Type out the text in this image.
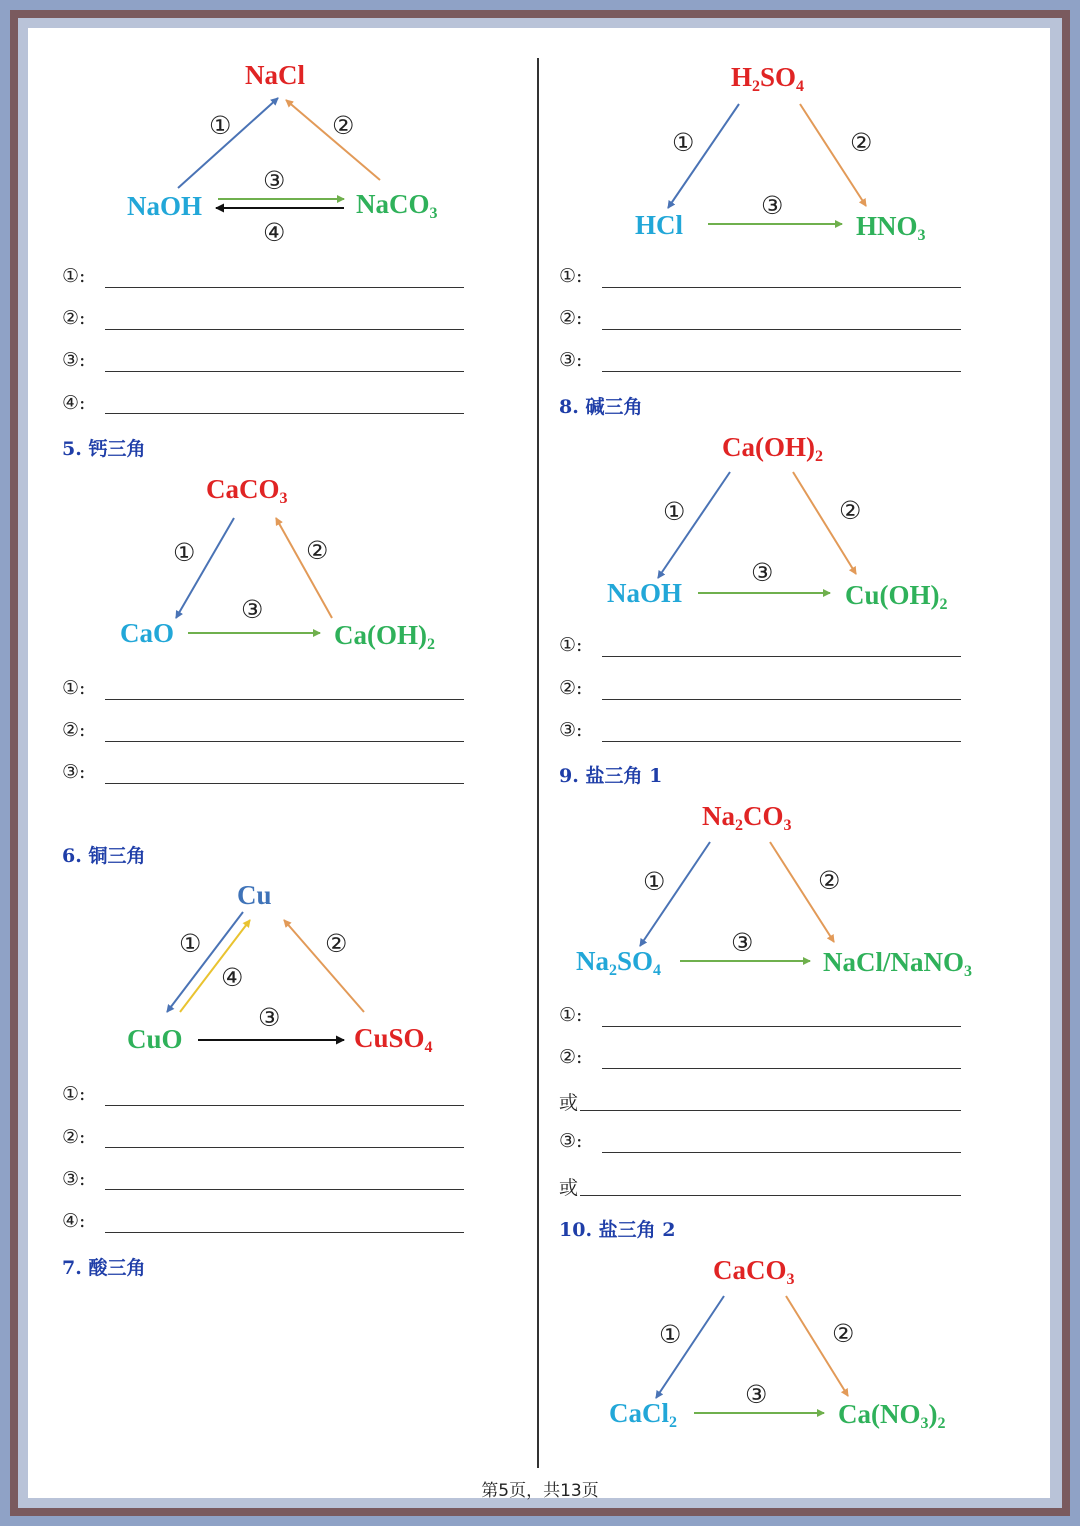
NaCl
NaOH	NaCO$_3$
①	②
③
④
①:
②:
③:
④:
5. 钙三角
CaCO$_3$
CaO	$Ca(OH)_2$
①	②
③
①:
②:
③:
6. 铜三角
Cu
CuO	CuSO$_4$
①
④
②
③
①:
②:
③:
④:
7. 酸三角
$H_2SO_4$
HCl	$HNO_3$
①	②
③
①:
②:
③:
8. 碱三角
$Ca(OH)_2$
NaOH	$Cu(OH)_2$
①	②
③
①:
②:
③:
9. 盐三角 1
$Na_2CO_3$
$Na_2SO_4$	NaCl/NaNO$_3$
①	②
③
①:
②:
或
③:
或
10. 盐三角 2
CaCO$_3$
CaCl$_2$	$Ca(NO_3)_2$
①	②
③
第5页，共13页
